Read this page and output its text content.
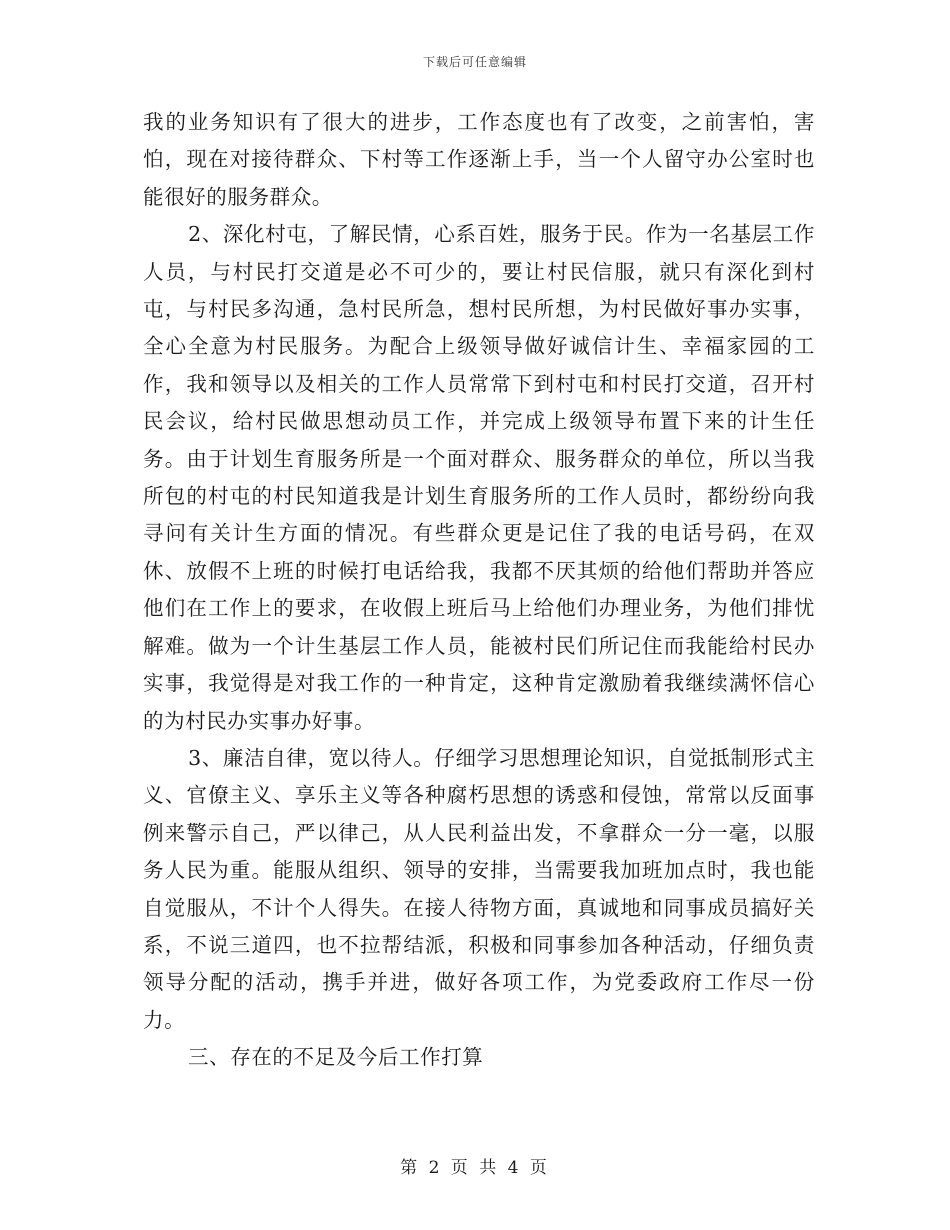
下载后可任意编辑

我的业务知识有了很大的进步，工作态度也有了改变，之前害怕，害怕，现在对接待群众、下村等工作逐渐上手，当一个人留守办公室时也能很好的服务群众。

2、深化村屯，了解民情，心系百姓，服务于民。作为一名基层工作人员，与村民打交道是必不可少的，要让村民信服，就只有深化到村屯，与村民多沟通，急村民所急，想村民所想，为村民做好事办实事，全心全意为村民服务。为配合上级领导做好诚信计生、幸福家园的工作，我和领导以及相关的工作人员常常下到村屯和村民打交道，召开村民会议，给村民做思想动员工作，并完成上级领导布置下来的计生任务。由于计划生育服务所是一个面对群众、服务群众的单位，所以当我所包的村屯的村民知道我是计划生育服务所的工作人员时，都纷纷向我寻问有关计生方面的情况。有些群众更是记住了我的电话号码，在双休、放假不上班的时候打电话给我，我都不厌其烦的给他们帮助并答应他们在工作上的要求，在收假上班后马上给他们办理业务，为他们排忧解难。做为一个计生基层工作人员，能被村民们所记住而我能给村民办实事，我觉得是对我工作的一种肯定，这种肯定激励着我继续满怀信心的为村民办实事办好事。

3、廉洁自律，宽以待人。仔细学习思想理论知识，自觉抵制形式主义、官僚主义、享乐主义等各种腐朽思想的诱惑和侵蚀，常常以反面事例来警示自己，严以律己，从人民利益出发，不拿群众一分一毫，以服务人民为重。能服从组织、领导的安排，当需要我加班加点时，我也能自觉服从，不计个人得失。在接人待物方面，真诚地和同事成员搞好关系，不说三道四，也不拉帮结派，积极和同事参加各种活动，仔细负责领导分配的活动，携手并进，做好各项工作，为党委政府工作尽一份力。

三、存在的不足及今后工作打算

第 2 页 共 4 页
